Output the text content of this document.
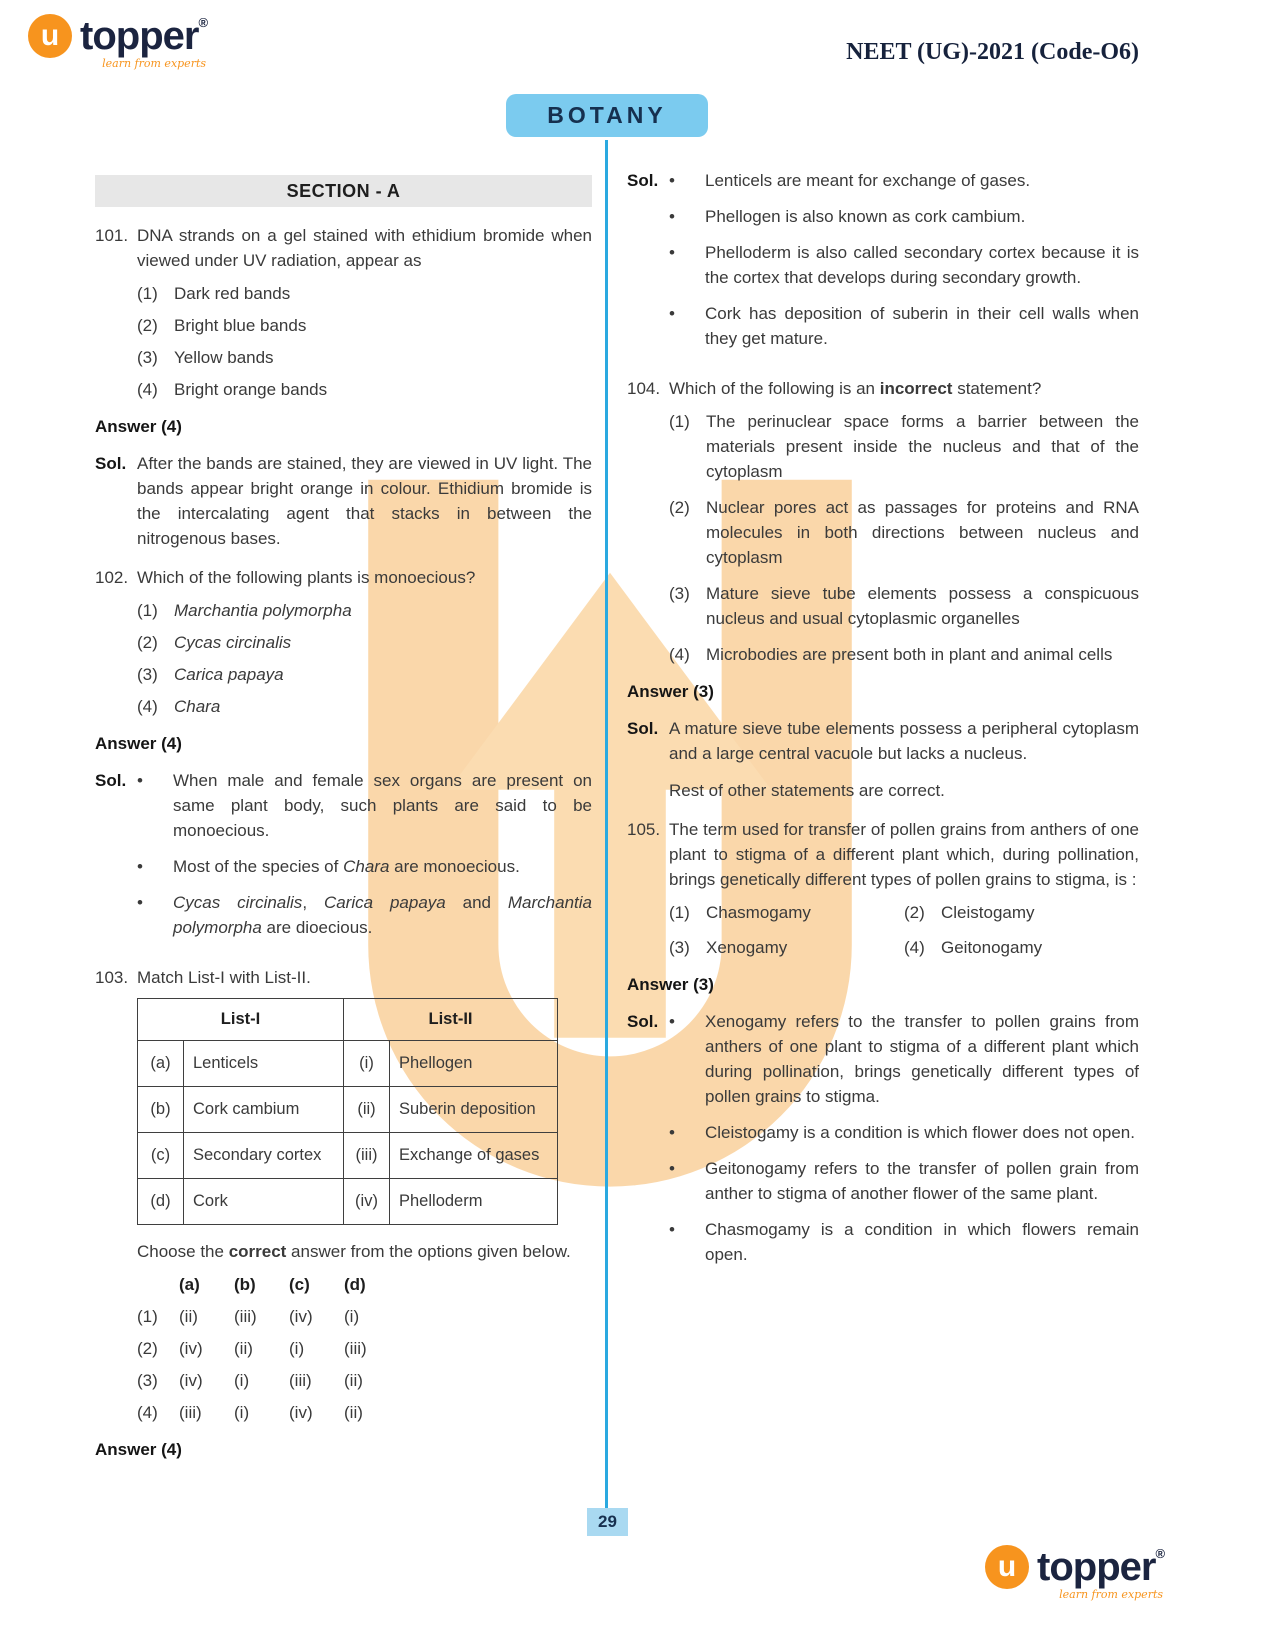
u topper®
learn from experts	NEET (UG)-2021 (Code-O6)
BOTANY
SECTION - A
101. DNA strands on a gel stained with ethidium bromide when viewed under UV radiation, appear as
(1) Dark red bands
(2) Bright blue bands
(3) Yellow bands
(4) Bright orange bands
Answer (4)
Sol. After the bands are stained, they are viewed in UV light. The bands appear bright orange in colour. Ethidium bromide is the intercalating agent that stacks in between the nitrogenous bases.
102. Which of the following plants is monoecious?
(1) Marchantia polymorpha
(2) Cycas circinalis
(3) Carica papaya
(4) Chara
Answer (4)
Sol. •	When male and female sex organs are present on same plant body, such plants are said to be monoecious.
•	Most of the species of Chara are monoecious.
•	Cycas circinalis, Carica papaya and Marchantia polymorpha are dioecious.
103. Match List-I with List-II.
List-I		List-II	
(a)	Lenticels	(i)	Phellogen
(b)	Cork cambium	(ii)	Suberin deposition
(c)	Secondary cortex	(iii)	Exchange of gases
(d)	Cork	(iv)	Phelloderm
Choose the correct answer from the options given below.
(a)	(b)	(c)	(d)
(1)	(ii)	(iii)	(iv)	(i)
(2)	(iv)	(ii)	(i)	(iii)
(3)	(iv)	(i)	(iii)	(ii)
(4)	(iii)	(i)	(iv)	(ii)
Answer (4)
Sol. •	Lenticels are meant for exchange of gases.
•	Phellogen is also known as cork cambium.
•	Phelloderm is also called secondary cortex because it is the cortex that develops during secondary growth.
•	Cork has deposition of suberin in their cell walls when they get mature.
104. Which of the following is an incorrect statement?
(1) The perinuclear space forms a barrier between the materials present inside the nucleus and that of the cytoplasm
(2) Nuclear pores act as passages for proteins and RNA molecules in both directions between nucleus and cytoplasm
(3) Mature sieve tube elements possess a conspicuous nucleus and usual cytoplasmic organelles
(4) Microbodies are present both in plant and animal cells
Answer (3)
Sol. A mature sieve tube elements possess a peripheral cytoplasm and a large central vacuole but lacks a nucleus.
Rest of other statements are correct.
105. The term used for transfer of pollen grains from anthers of one plant to stigma of a different plant which, during pollination, brings genetically different types of pollen grains to stigma, is :
(1) Chasmogamy	(2) Cleistogamy
(3) Xenogamy	(4) Geitonogamy
Answer (3)
Sol. •	Xenogamy refers to the transfer to pollen grains from anthers of one plant to stigma of a different plant which during pollination, brings genetically different types of pollen grains to stigma.
•	Cleistogamy is a condition is which flower does not open.
•	Geitonogamy refers to the transfer of pollen grain from anther to stigma of another flower of the same plant.
•	Chasmogamy is a condition in which flowers remain open.
29
u topper®
learn from experts
